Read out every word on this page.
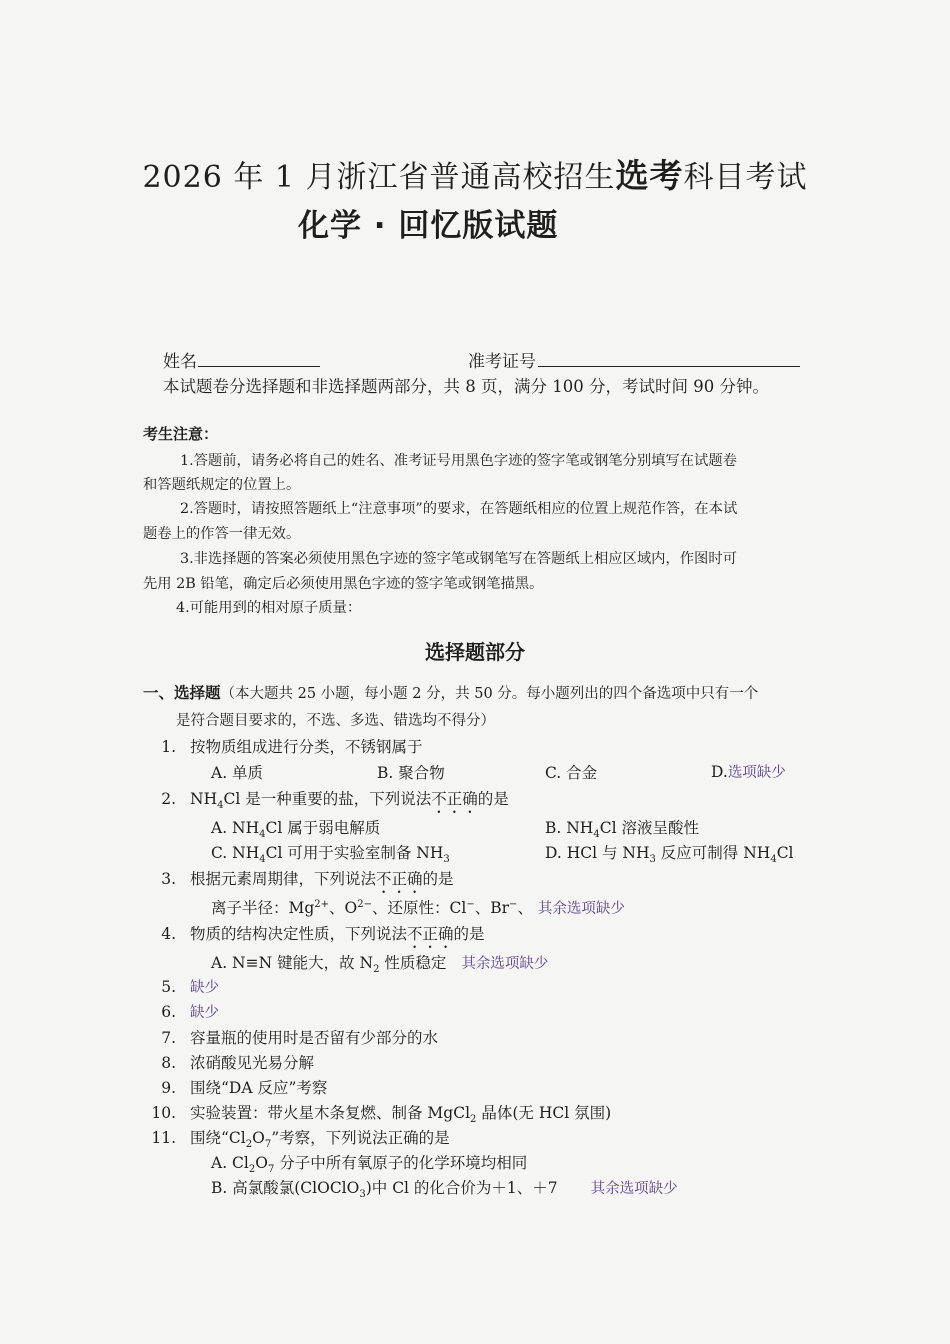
2026 年 1 月浙江省普通高校招生选考科目考试
化学 · 回忆版试题
姓名	准考证号
本试题卷分选择题和非选择题两部分，共 8 页，满分 100 分，考试时间 90 分钟。
考生注意：
1.答题前，请务必将自己的姓名、准考证号用黑色字迹的签字笔或钢笔分别填写在试题卷
和答题纸规定的位置上。
2.答题时，请按照答题纸上“注意事项”的要求，在答题纸相应的位置上规范作答，在本试
题卷上的作答一律无效。
3.非选择题的答案必须使用黑色字迹的签字笔或钢笔写在答题纸上相应区域内，作图时可
先用 2B 铅笔，确定后必须使用黑色字迹的签字笔或钢笔描黑。
4.可能用到的相对原子质量：
选择题部分
一、选择题（本大题共 25 小题，每小题 2 分，共 50 分。每小题列出的四个备选项中只有一个
是符合题目要求的，不选、多选、错选均不得分）
1. 按物质组成进行分类，不锈钢属于
A. 单质	B. 聚合物	C. 合金	D.选项缺少
2. $NH_4Cl$ 是一种重要的盐，下列说法不正确的是
A. $NH_4Cl$ 属于弱电解质	B. $NH_4Cl$ 溶液呈酸性
C. $NH_4Cl$ 可用于实验室制备 $NH_3$	D. HCl 与 $NH_3$ 反应可制得 $NH_4Cl$
3. 根据元素周期律，下列说法不正确的是
离子半径：$Mg^{2+}$、$O^{2-}$、还原性：Cl−、Br−、 其余选项缺少
4. 物质的结构决定性质，下列说法不正确的是
A. N≡N 键能大，故 $N_2$ 性质稳定 其余选项缺少
5. 缺少
6. 缺少
7. 容量瓶的使用时是否留有少部分的水
8. 浓硝酸见光易分解
9. 围绕“DA 反应”考察
10. 实验装置：带火星木条复燃、制备 MgCl$_2$ 晶体(无 HCl 氛围)
11. 围绕“$Cl_2O_7$”考察，下列说法正确的是
A. $Cl_2O_7$ 分子中所有氧原子的化学环境均相同
B. 高氯酸氯(ClOClO$_3$)中 Cl 的化合价为＋1、＋7 其余选项缺少
